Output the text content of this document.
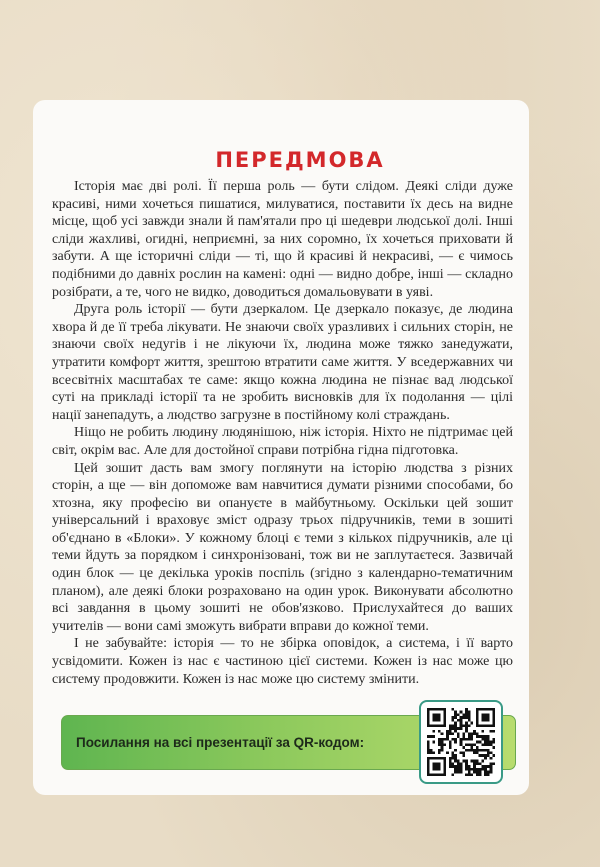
ПЕРЕДМОВА

Історія має дві ролі. Її перша роль — бути слідом. Деякі сліди дуже красиві, ними хочеться пишатися, милуватися, поставити їх десь на видне місце, щоб усі завжди знали й пам'ятали про ці шедеври людської долі. Інші сліди жахливі, огидні, неприємні, за них соромно, їх хочеться приховати й забути. А ще історичні сліди — ті, що й красиві й некрасиві, — є чимось подібними до давніх рослин на камені: одні — видно добре, інші — складно розібрати, а те, чого не видко, доводиться домальовувати в уяві.

Друга роль історії — бути дзеркалом. Це дзеркало показує, де людина хвора й де її треба лікувати. Не знаючи своїх уразливих і сильних сторін, не знаючи своїх недугів і не лікуючи їх, людина може тяжко занедужати, утратити комфорт життя, зрештою втратити саме життя. У вседержавних чи всесвітніх масштабах те саме: якщо кожна людина не пізнає вад людської суті на прикладі історії та не зробить висновків для їх подолання — цілі нації занепадуть, а людство загрузне в постійному колі страждань.

Ніщо не робить людину людянішою, ніж історія. Ніхто не підтримає цей світ, окрім вас. Але для достойної справи потрібна гідна підготовка.

Цей зошит дасть вам змогу поглянути на історію людства з різних сторін, а ще — він допоможе вам навчитися думати різними способами, бо хтозна, яку професію ви опануєте в майбутньому. Оскільки цей зошит універсальний і враховує зміст одразу трьох підручників, теми в зошиті об'єднано в «Блоки». У кожному блоці є теми з кількох підручників, але ці теми йдуть за порядком і синхронізовані, тож ви не заплутаєтеся. Зазвичай один блок — це декілька уроків поспіль (згідно з календарно-тематичним планом), але деякі блоки розраховано на один урок. Виконувати абсолютно всі завдання в цьому зошиті не обов'язково. Прислухайтеся до ваших учителів — вони самі зможуть вибрати вправи до кожної теми.

І не забувайте: історія — то не збірка оповідок, а система, і її варто усвідомити. Кожен із нас є частиною цієї системи. Кожен із нас може цю систему продовжити. Кожен із нас може цю систему змінити.

Посилання на всі презентації за QR-кодом:
